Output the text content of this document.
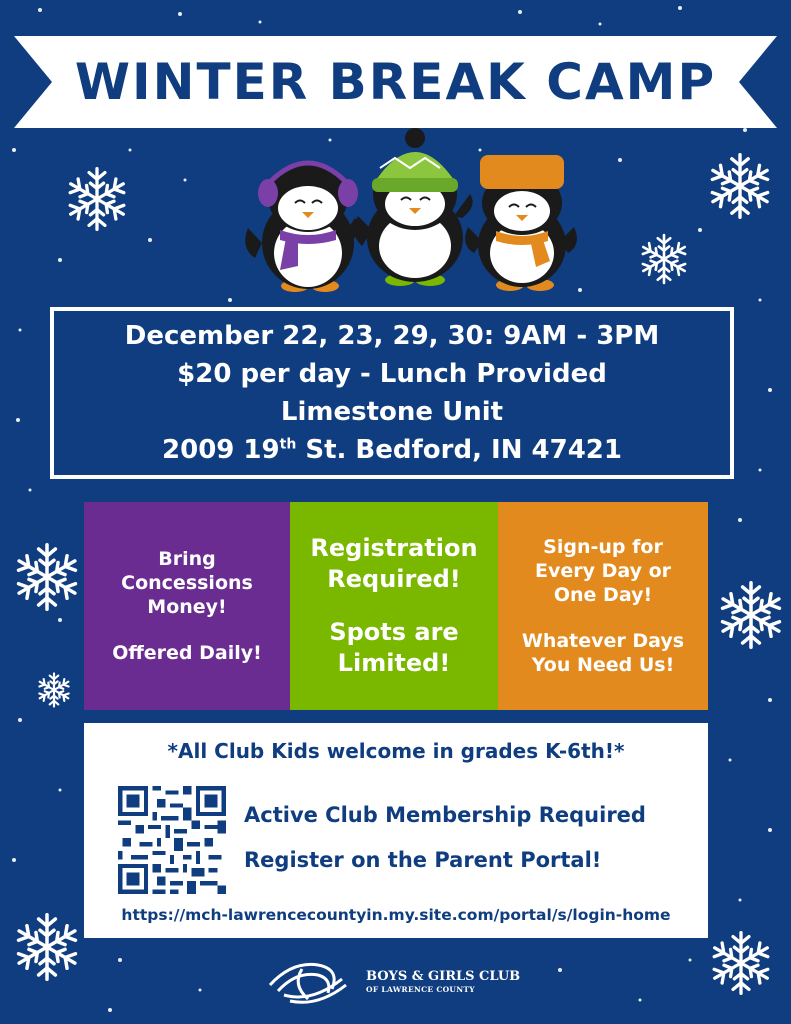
WINTER BREAK CAMP
December 22, 23, 29, 30: 9AM - 3PM
$20 per day - Lunch Provided
Limestone Unit
2009 19th St. Bedford, IN 47421
Bring
Concessions
Money!
Offered Daily!
Registration
Required!
Spots are
Limited!
Sign-up for
Every Day or
One Day!
Whatever Days
You Need Us!
*All Club Kids welcome in grades K-6th!*
Active Club Membership Required
Register on the Parent Portal!
https://mch-lawrencecountyin.my.site.com/portal/s/login-home
BOYS & GIRLS CLUB
OF LAWRENCE COUNTY
